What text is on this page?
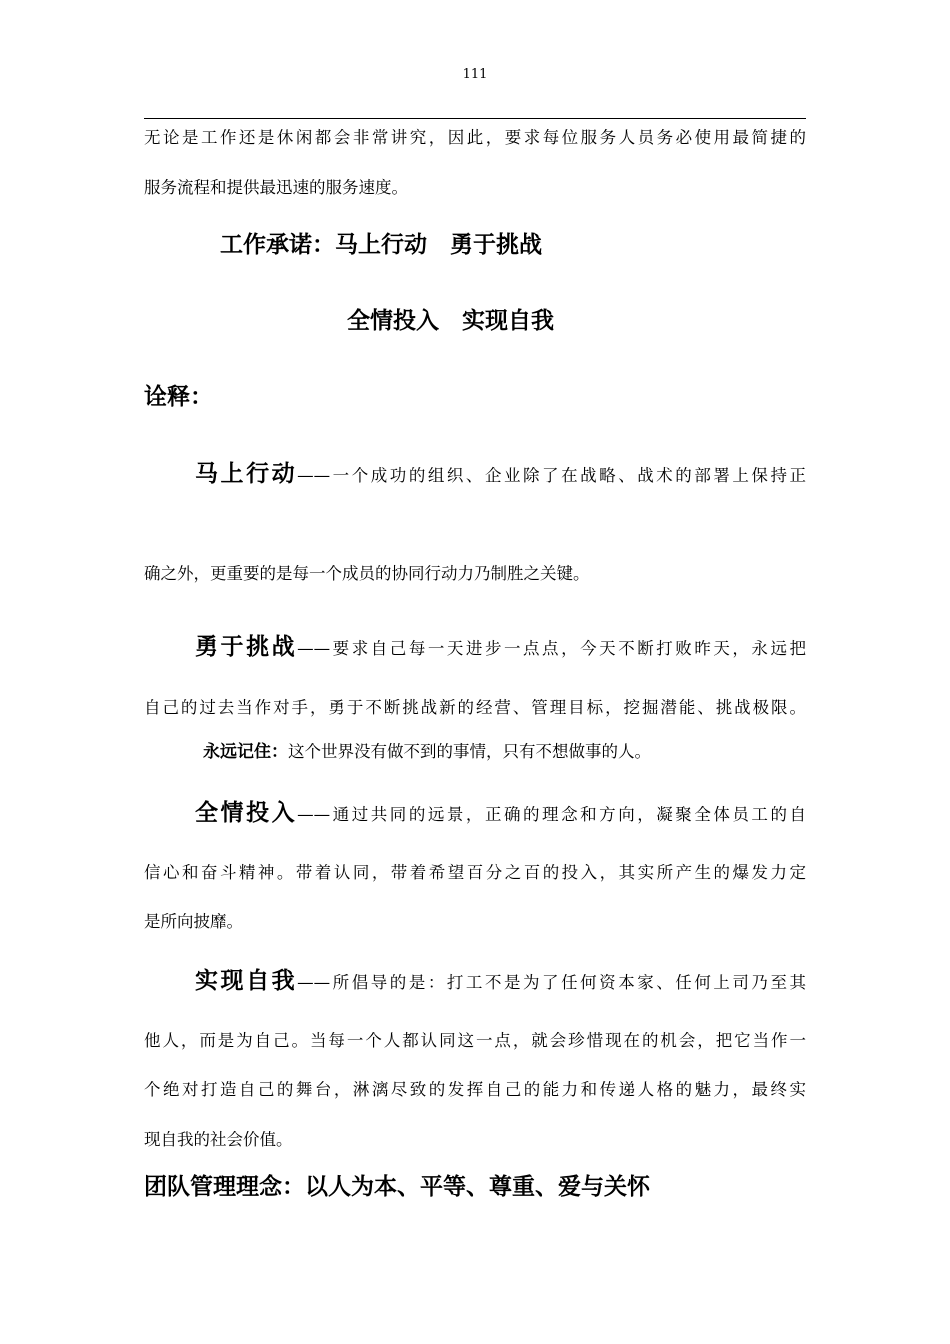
111
无论是工作还是休闲都会非常讲究，因此，要求每位服务人员务必使用最简捷的
服务流程和提供最迅速的服务速度。
工作承诺：马上行动　勇于挑战
全情投入　实现自我
诠释：
马上行动——一个成功的组织、企业除了在战略、战术的部署上保持正
确之外，更重要的是每一个成员的协同行动力乃制胜之关键。
勇于挑战——要求自己每一天进步一点点，今天不断打败昨天，永远把
自己的过去当作对手，勇于不断挑战新的经营、管理目标，挖掘潜能、挑战极限。
永远记住：这个世界没有做不到的事情，只有不想做事的人。
全情投入——通过共同的远景，正确的理念和方向，凝聚全体员工的自
信心和奋斗精神。带着认同，带着希望百分之百的投入，其实所产生的爆发力定
是所向披靡。
实现自我——所倡导的是：打工不是为了任何资本家、任何上司乃至其
他人，而是为自己。当每一个人都认同这一点，就会珍惜现在的机会，把它当作一
个绝对打造自己的舞台，淋漓尽致的发挥自己的能力和传递人格的魅力，最终实
现自我的社会价值。
团队管理理念：以人为本、平等、尊重、爱与关怀
